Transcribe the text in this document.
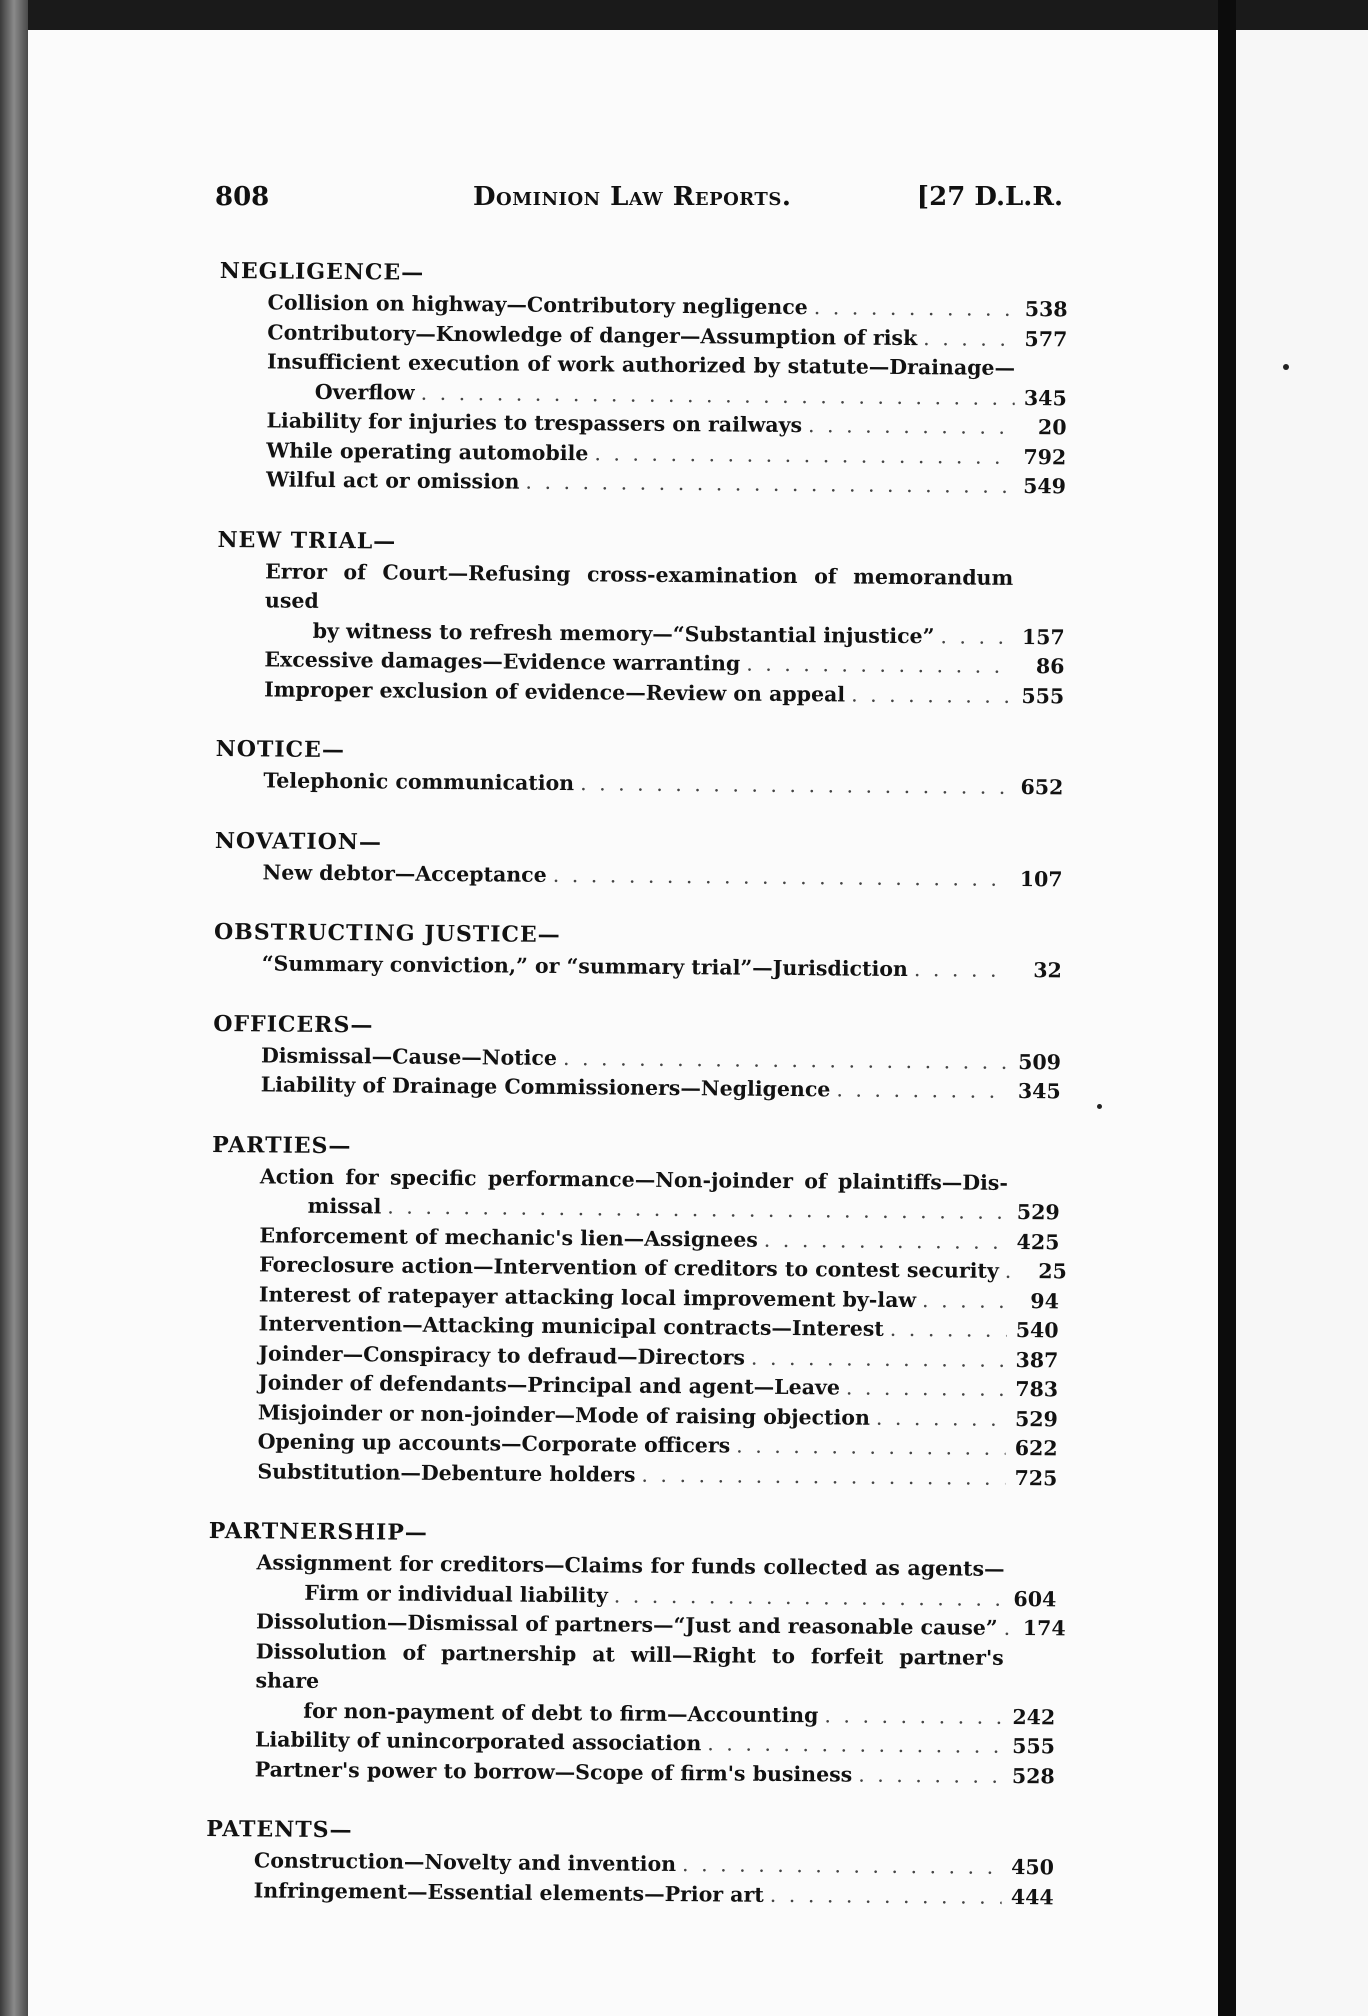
808	Dominion Law Reports.	[27 D.L.R.
NEGLIGENCE—
Collision on highway—Contributory negligence . . .	538
Contributory—Knowledge of danger—Assumption of risk . . .	577
Insufficient execution of work authorized by statute—Drainage—
Overflow . . .	345
Liability for injuries to trespassers on railways . . .	20
While operating automobile . . .	792
Wilful act or omission . . .	549
NEW TRIAL—
Error of Court—Refusing cross-examination of memorandum used
by witness to refresh memory—“Substantial injustice” . . .	157
Excessive damages—Evidence warranting . . .	86
Improper exclusion of evidence—Review on appeal . . .	555
NOTICE—
Telephonic communication . . .	652
NOVATION—
New debtor—Acceptance . . .	107
OBSTRUCTING JUSTICE—
“Summary conviction,” or “summary trial”—Jurisdiction . . .	32
OFFICERS—
Dismissal—Cause—Notice . . .	509
Liability of Drainage Commissioners—Negligence . . .	345
PARTIES—
Action for specific performance—Non-joinder of plaintiffs—Dis-
missal . . .	529
Enforcement of mechanic's lien—Assignees . . .	425
Foreclosure action—Intervention of creditors to contest security . . .	25
Interest of ratepayer attacking local improvement by-law . . .	94
Intervention—Attacking municipal contracts—Interest . . .	540
Joinder—Conspiracy to defraud—Directors . . .	387
Joinder of defendants—Principal and agent—Leave . . .	783
Misjoinder or non-joinder—Mode of raising objection . . .	529
Opening up accounts—Corporate officers . . .	622
Substitution—Debenture holders . . .	725
PARTNERSHIP—
Assignment for creditors—Claims for funds collected as agents—
Firm or individual liability . . .	604
Dissolution—Dismissal of partners—“Just and reasonable cause” . . . 174
Dissolution of partnership at will—Right to forfeit partner's share
for non-payment of debt to firm—Accounting . . .	242
Liability of unincorporated association . . .	555
Partner's power to borrow—Scope of firm's business . . .	528
PATENTS—
Construction—Novelty and invention . . .	450
Infringement—Essential elements—Prior art . . .	444
